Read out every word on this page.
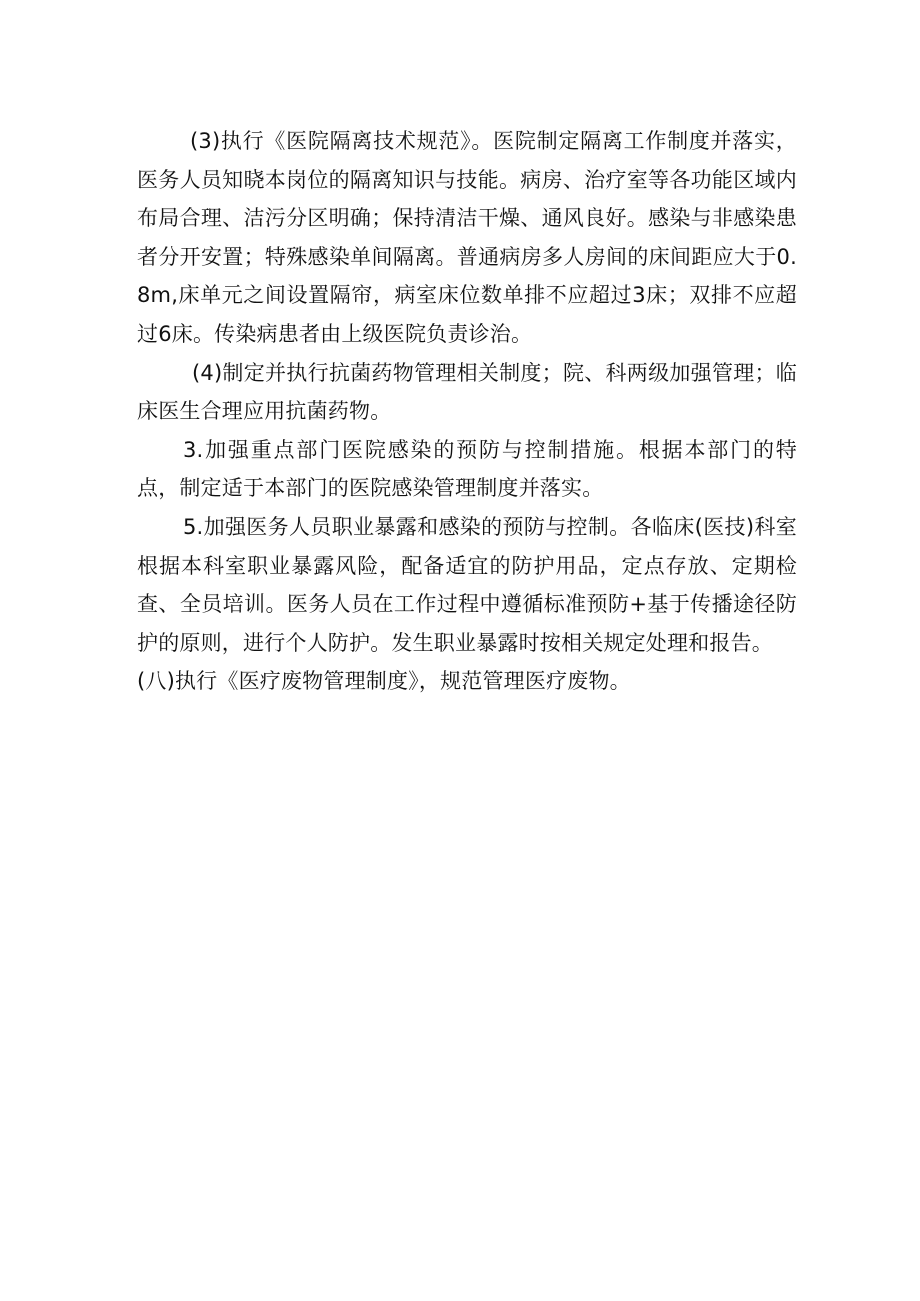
(3)执行《医院隔离技术规范》。医院制定隔离工作制度并落实，医务人员知晓本岗位的隔离知识与技能。病房、治疗室等各功能区域内布局合理、洁污分区明确；保持清洁干燥、通风良好。感染与非感染患者分开安置；特殊感染单间隔离。普通病房多人房间的床间距应大于0.8m,床单元之间设置隔帘，病室床位数单排不应超过3床；双排不应超过6床。传染病患者由上级医院负责诊治。

(4)制定并执行抗菌药物管理相关制度；院、科两级加强管理；临床医生合理应用抗菌药物。

3.加强重点部门医院感染的预防与控制措施。根据本部门的特点，制定适于本部门的医院感染管理制度并落实。

5.加强医务人员职业暴露和感染的预防与控制。各临床(医技)科室根据本科室职业暴露风险，配备适宜的防护用品，定点存放、定期检查、全员培训。医务人员在工作过程中遵循标准预防+基于传播途径防护的原则，进行个人防护。发生职业暴露时按相关规定处理和报告。

(八)执行《医疗废物管理制度》，规范管理医疗废物。
